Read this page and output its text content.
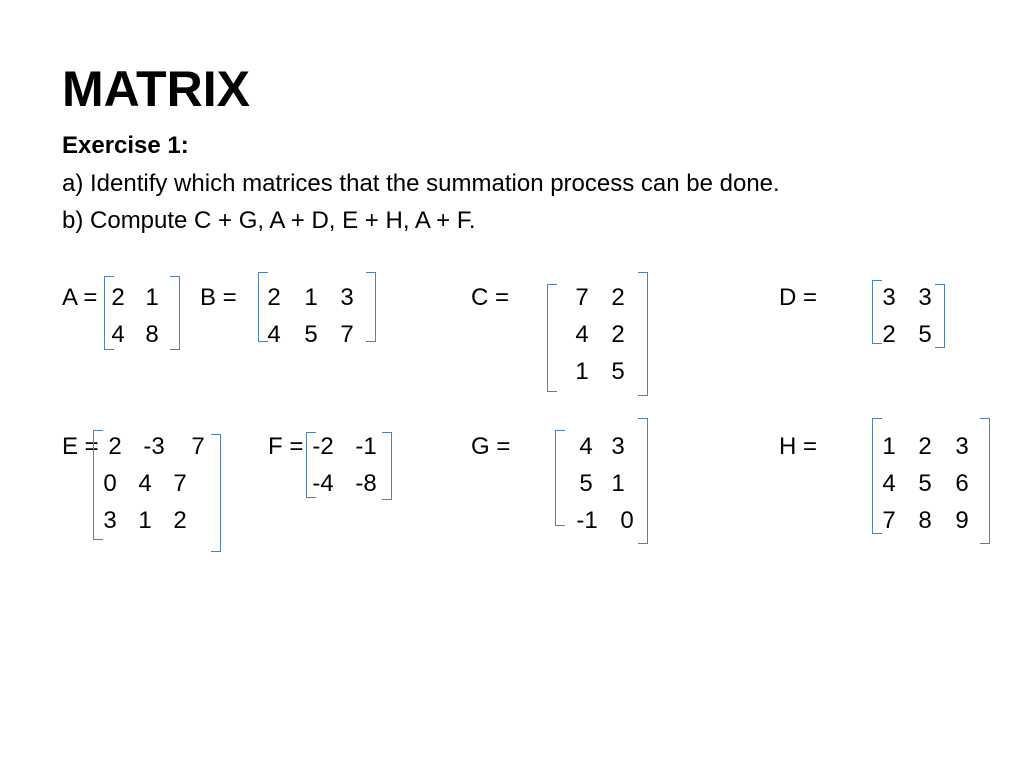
MATRIX
Exercise 1:
a) Identify which matrices that the summation process can be done.
b) Compute C + G, A + D, E + H, A + F.
A = 2 1
4 8
B =	2 1 3
4 5 7
C =	7 2
4 2
1 5
D =	3 3
2 5
E = 2 -3	7
0 4 7
3 1 2
F = -2 -1
-4 -8
G =	4 3
5 1
-1 0
H =	1 2 3
4 5 6
7 8 9
